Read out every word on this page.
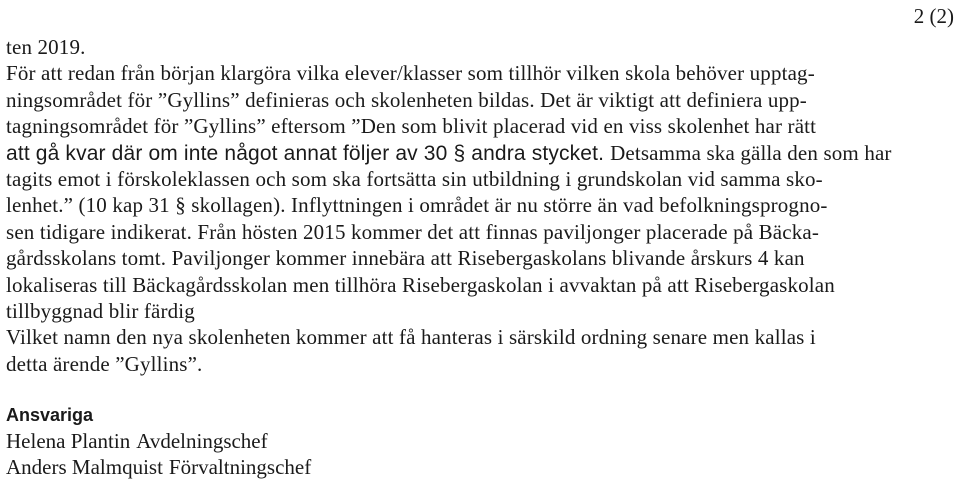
2 (2)
ten 2019.
För att redan från början klargöra vilka elever/klasser som tillhör vilken skola behöver upptag-
ningsområdet för ”Gyllins” definieras och skolenheten bildas. Det är viktigt att definiera upp-
tagningsområdet för ”Gyllins” eftersom ”Den som blivit placerad vid en viss skolenhet har rätt
att gå kvar där om inte något annat följer av 30 § andra stycket. Detsamma ska gälla den som har
tagits emot i förskoleklassen och som ska fortsätta sin utbildning i grundskolan vid samma sko-
lenhet.” (10 kap 31 § skollagen). Inflyttningen i området är nu större än vad befolkningsprogno-
sen tidigare indikerat. Från hösten 2015 kommer det att finnas paviljonger placerade på Bäcka-
gårdsskolans tomt. Paviljonger kommer innebära att Risebergaskolans blivande årskurs 4 kan
lokaliseras till Bäckagårdsskolan men tillhöra Risebergaskolan i avvaktan på att Risebergaskolan
tillbyggnad blir färdig
Vilket namn den nya skolenheten kommer att få hanteras i särskild ordning senare men kallas i
detta ärende ”Gyllins”.
Ansvariga
Helena Plantin Avdelningschef
Anders Malmquist Förvaltningschef
